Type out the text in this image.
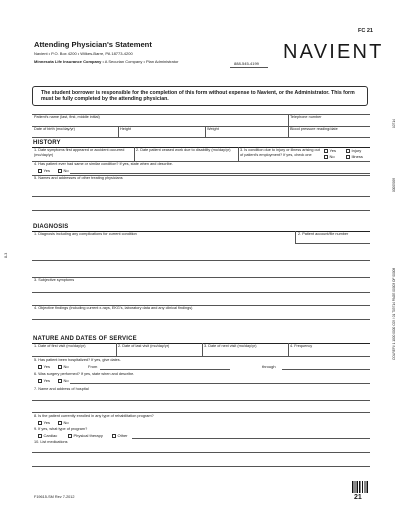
FC 21
Attending Physician's Statement
Navient • P.O. Box 4200 • Wilkes-Barre, PA 18773-4200
Minnesota Life Insurance Company • A Securian Company • Plan Administrator	888-545-4199
NAVIENT
The student borrower is responsible for the completion of this form without expense to Navient, or the Administrator. This form must be fully completed by the attending physician.
Patient's name (last, first, middle initial)	Telephone number
Date of birth (mo/day/yr)	Height	Weight	Blood pressure reading/date
HISTORY
1. Date symptoms first appeared or accident occurred (mo/day/yr)
2. Date patient ceased work due to disability (mo/day/yr)	3. Is condition due to injury or illness arising out of patient's employment? If yes, check one
Yes	Injury
No	Illness
4. Has patient ever had same or similar condition? If yes, state when and describe.
Yes	No
5. Names and addresses of other treating physicians
DIAGNOSIS
1. Diagnosis including any complications for current condition	2. Patient account/file number
3. Subjective symptoms
4. Objective findings (including current x-rays, EKG's, laboratory data and any clinical findings)
NATURE AND DATES OF SERVICE
1. Date of first visit (mo/day/yr)	2. Date of last visit (mo/day/yr)	3. Date of next visit (mo/day/yr)	4. Frequency
5. Has patient been hospitalized? If yes, give dates.
Yes	No	From	through
6. Was surgery performed? If yes, state when and describe.
Yes	No
7. Name and address of hospital
8. Is the patient currently enrolled in any type of rehabilitation program?
Yes	No
9. If yes, what type of program?
Cardiac	Physical therapy	Other
10. List medications
F19615-SM Rev 7-2012	21
8-3
10714
00005095
COLREF# 1 1000 0000 C05 / 01 T03714 PAGE 00003 OF 00008
